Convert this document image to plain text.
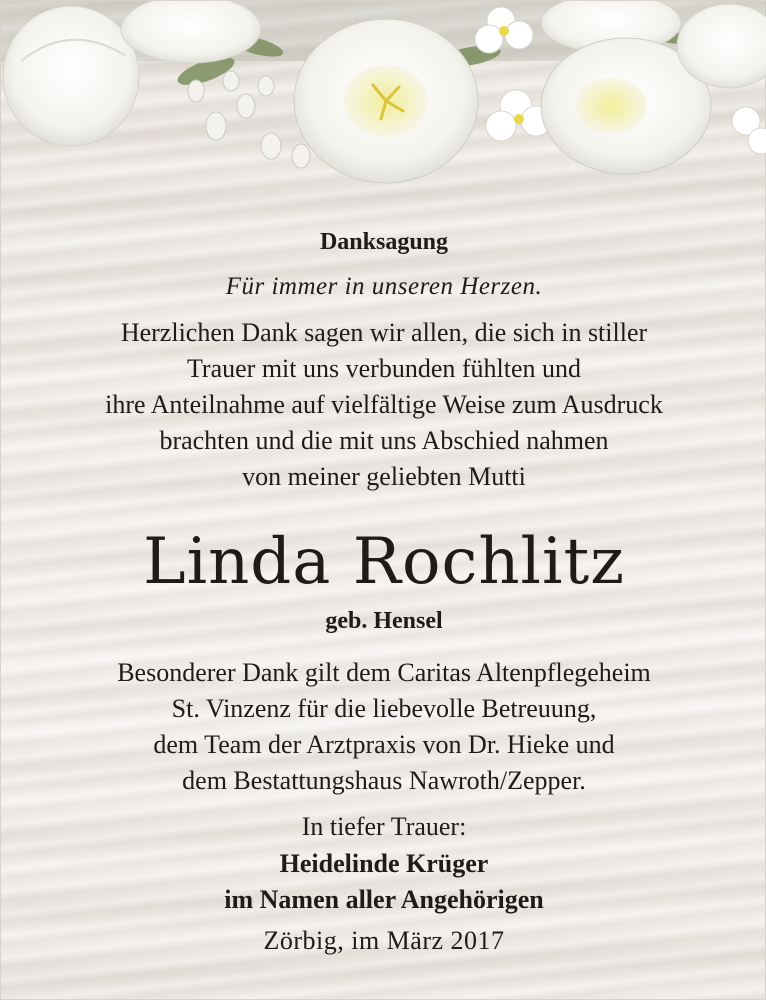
Danksagung
Für immer in unseren Herzen.
Herzlichen Dank sagen wir allen, die sich in stiller
Trauer mit uns verbunden fühlten und
ihre Anteilnahme auf vielfältige Weise zum Ausdruck
brachten und die mit uns Abschied nahmen
von meiner geliebten Mutti
Linda Rochlitz
geb. Hensel
Besonderer Dank gilt dem Caritas Altenpflegeheim
St. Vinzenz für die liebevolle Betreuung,
dem Team der Arztpraxis von Dr. Hieke und
dem Bestattungshaus Nawroth/Zepper.
In tiefer Trauer:
Heidelinde Krüger
im Namen aller Angehörigen
Zörbig, im März 2017
